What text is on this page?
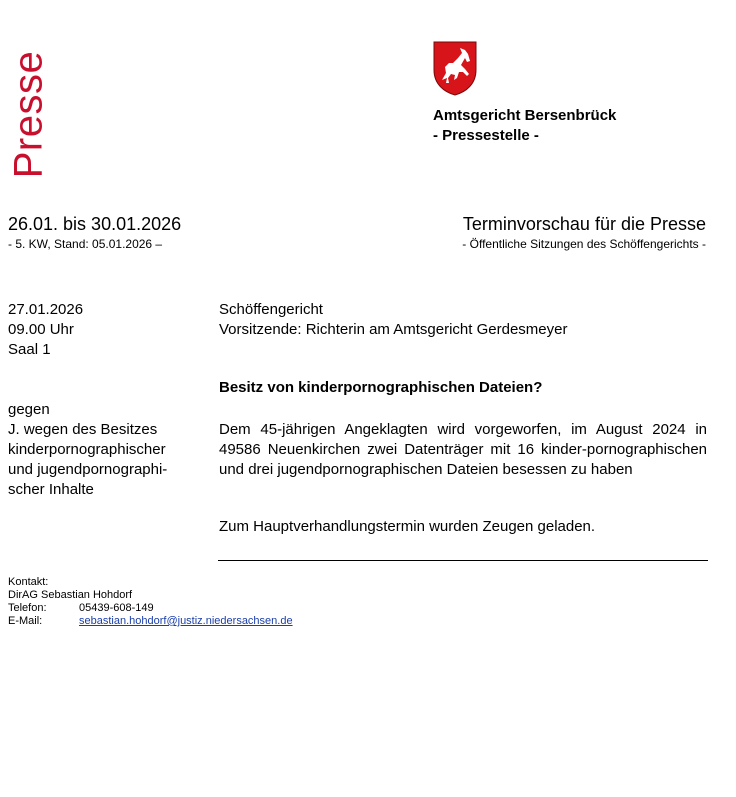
Presse	Amtsgericht Bersenbrück
- Pressestelle -
26.01. bis 30.01.2026
- 5. KW, Stand: 05.01.2026 –
Terminvorschau für die Presse
- Öffentliche Sitzungen des Schöffengerichts -
27.01.2026
09.00 Uhr
Saal 1
Schöffengericht
Vorsitzende: Richterin am Amtsgericht Gerdesmeyer
gegen
J. wegen des Besitzes
kinderpornographischer
und jugendpornographi-
scher Inhalte
Besitz von kinderpornographischen Dateien?
Dem 45-jährigen Angeklagten wird vorgeworfen, im August 2024 in 49586 Neuenkirchen zwei Datenträger mit 16 kinder-pornographischen und drei jugendpornographischen Dateien besessen zu haben
Zum Hauptverhandlungstermin wurden Zeugen geladen.
Kontakt:
DirAG Sebastian Hohdorf
Telefon:	05439-608-149
E-Mail:	sebastian.hohdorf@justiz.niedersachsen.de
